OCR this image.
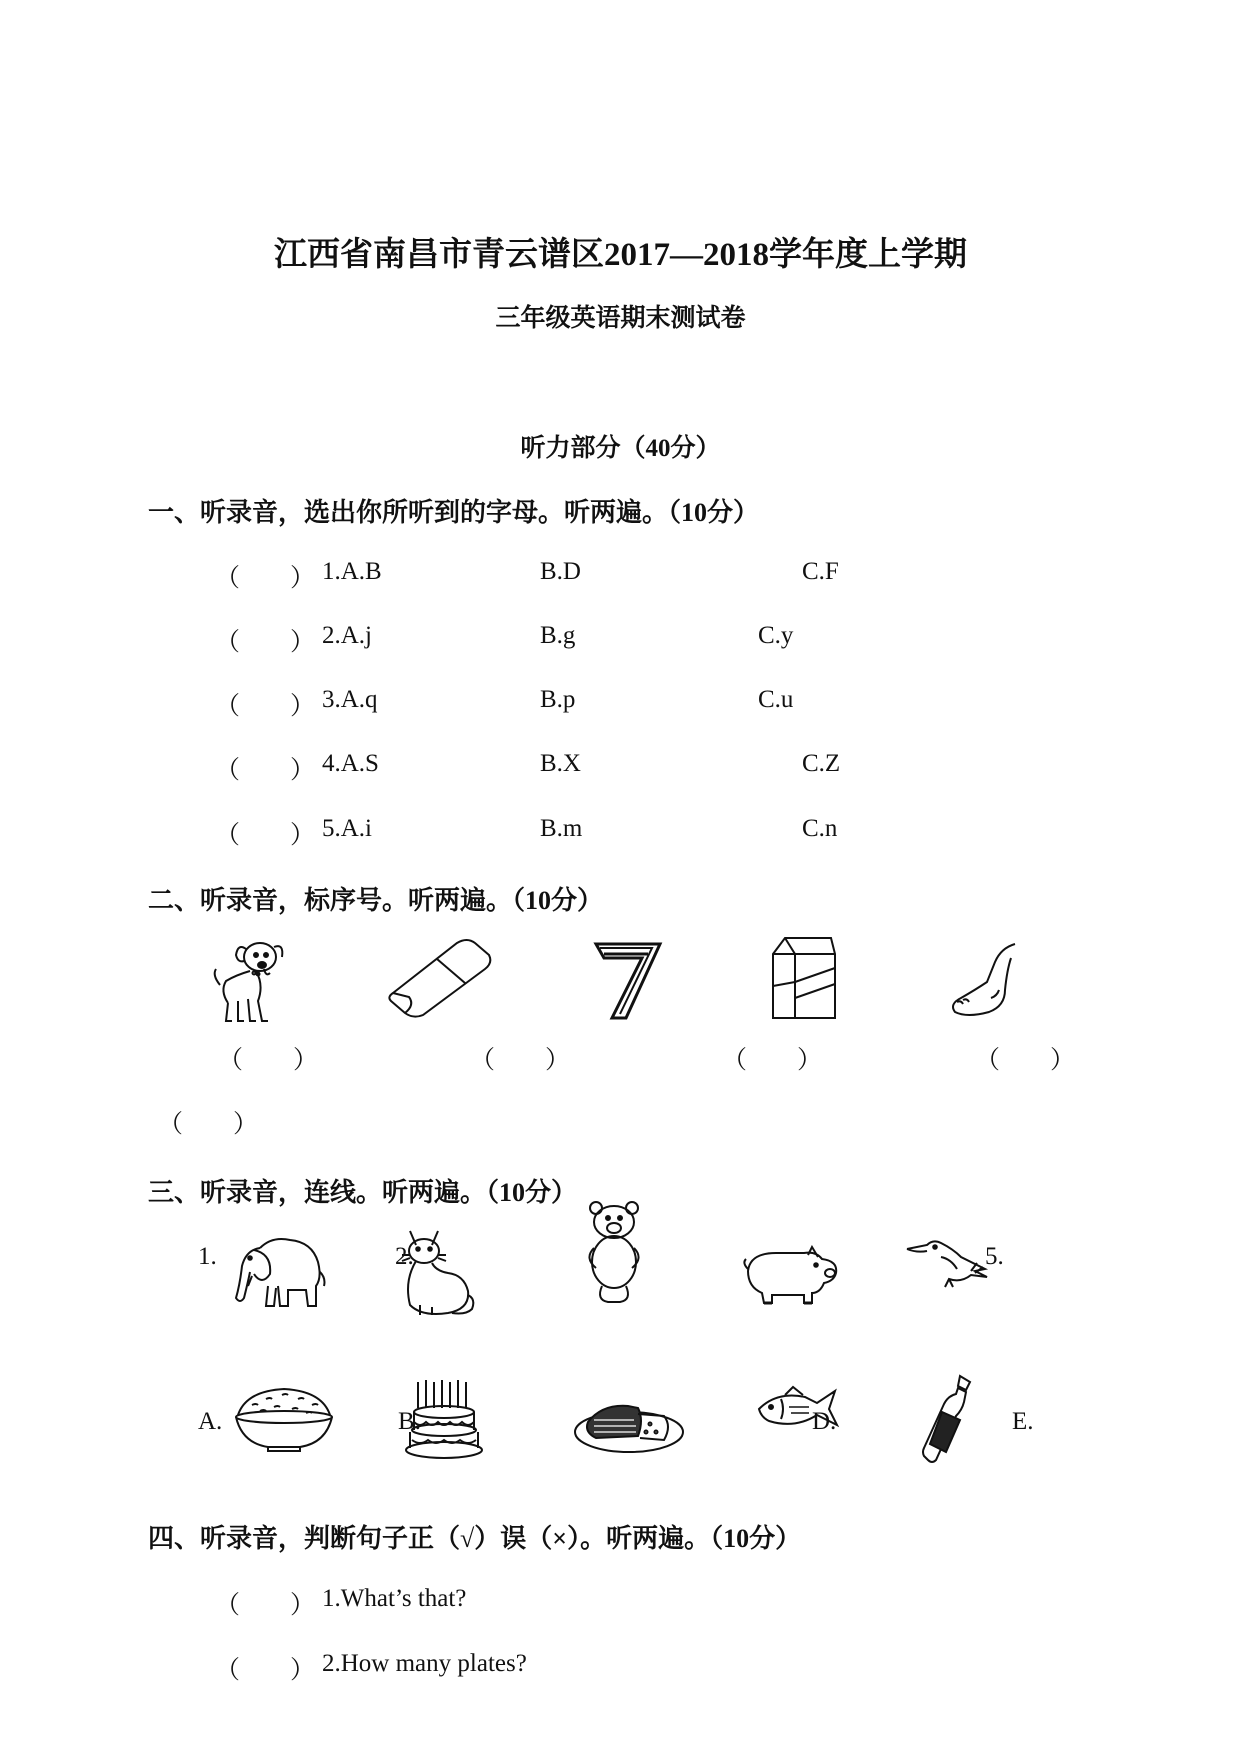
江西省南昌市青云谱区2017—2018学年度上学期
三年级英语期末测试卷
听力部分（40分）
一、听录音，选出你所听到的字母。听两遍。（10分）
（　　） 1.A.B	B.D	C.F
（　　） 2.A.j	B.g	C.y
（　　） 3.A.q	B.p	C.u
（　　） 4.A.S	B.X	C.Z
（　　） 5.A.i	B.m	C.n
二、听录音，标序号。听两遍。（10分）
（　　）	（　　）	（　　）	（　　）
（　　）
三、听录音，连线。听两遍。（10分）
1.	2.	5.
A.	B.	D.	E.
四、听录音，判断句子正（√）误（×）。听两遍。（10分）
（　　） 1.What’s that?
（　　） 2.How many plates?
